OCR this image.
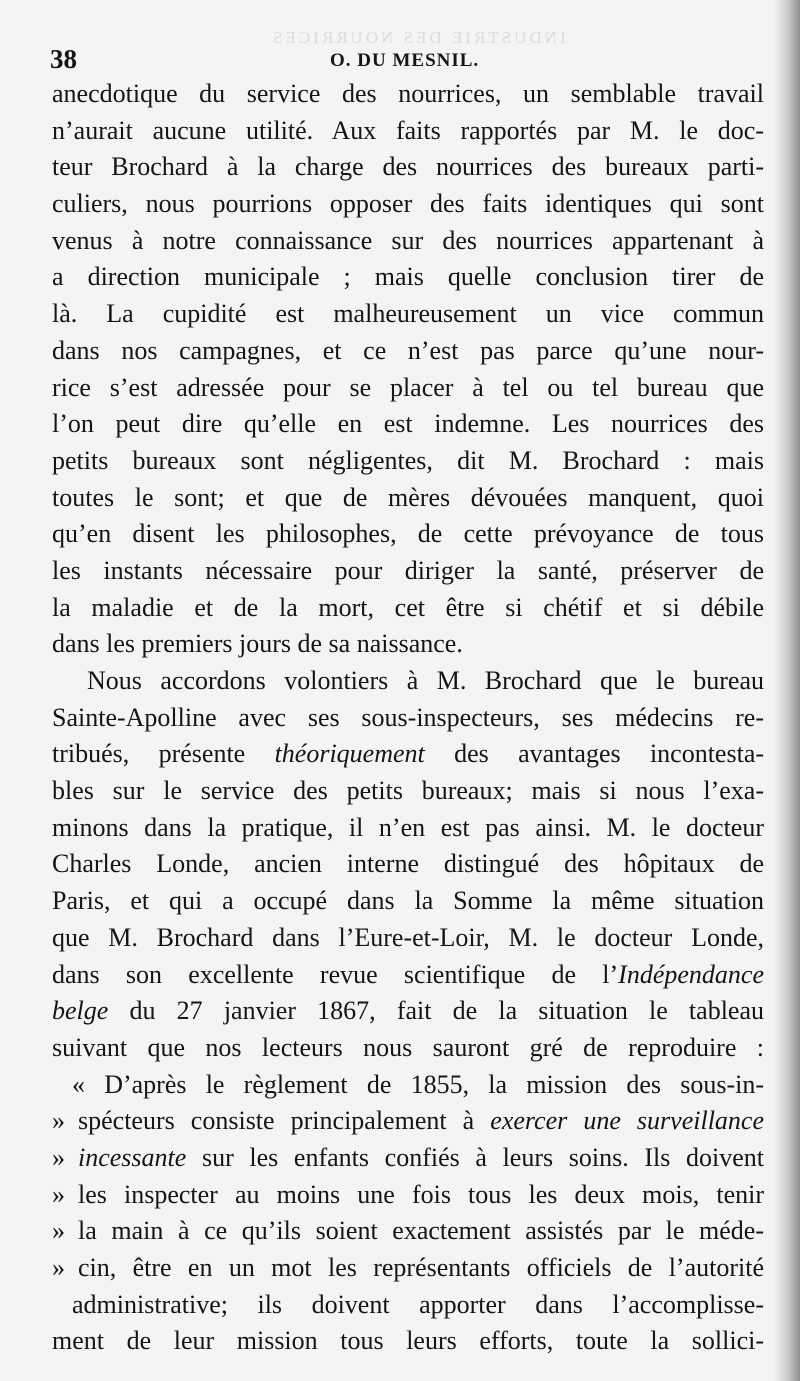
INDUSTRIE DES NOURRICES
38	O. DU MESNIL.
anecdotique du service des nourrices, un semblable travail
n’aurait aucune utilité. Aux faits rapportés par M. le doc-
teur Brochard à la charge des nourrices des bureaux parti-
culiers, nous pourrions opposer des faits identiques qui sont
venus à notre connaissance sur des nourrices appartenant à
a direction municipale ; mais quelle conclusion tirer de
là. La cupidité est malheureusement un vice commun
dans nos campagnes, et ce n’est pas parce qu’une nour-
rice s’est adressée pour se placer à tel ou tel bureau que
l’on peut dire qu’elle en est indemne. Les nourrices des
petits bureaux sont négligentes, dit M. Brochard : mais
toutes le sont; et que de mères dévouées manquent, quoi
qu’en disent les philosophes, de cette prévoyance de tous
les instants nécessaire pour diriger la santé, préserver de
la maladie et de la mort, cet être si chétif et si débile
dans les premiers jours de sa naissance.
Nous accordons volontiers à M. Brochard que le bureau
Sainte-Apolline avec ses sous-inspecteurs, ses médecins re-
tribués, présente théoriquement des avantages incontesta-
bles sur le service des petits bureaux; mais si nous l’exa-
minons dans la pratique, il n’en est pas ainsi. M. le docteur
Charles Londe, ancien interne distingué des hôpitaux de
Paris, et qui a occupé dans la Somme la même situation
que M. Brochard dans l’Eure-et-Loir, M. le docteur Londe,
dans son excellente revue scientifique de l’Indépendance
belge du 27 janvier 1867, fait de la situation le tableau
suivant que nos lecteurs nous sauront gré de reproduire :
« D’après le règlement de 1855, la mission des sous-in-
» spécteurs consiste principalement à exercer une surveillance
» incessante sur les enfants confiés à leurs soins. Ils doivent
» les inspecter au moins une fois tous les deux mois, tenir
» la main à ce qu’ils soient exactement assistés par le méde-
» cin, être en un mot les représentants officiels de l’autorité
administrative; ils doivent apporter dans l’accomplisse-
ment de leur mission tous leurs efforts, toute la sollici-
